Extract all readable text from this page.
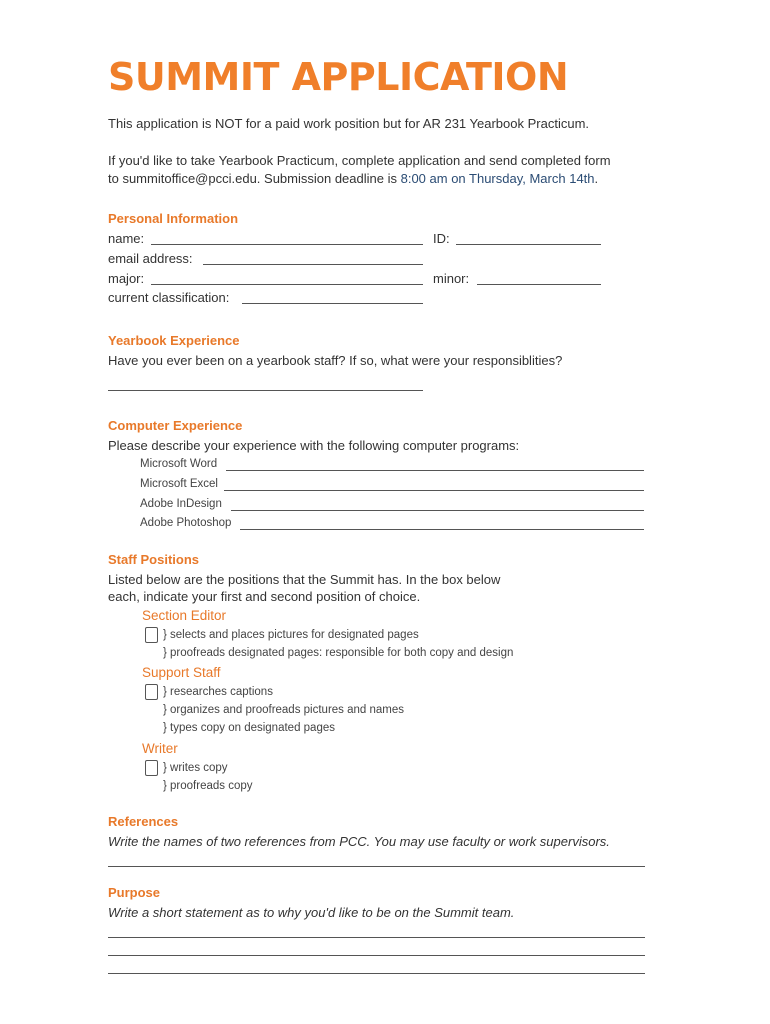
SUMMIT APPLICATION
This application is NOT for a paid work position but for AR 231 Yearbook Practicum.
If you'd like to take Yearbook Practicum, complete application and send completed form
to summitoffice@pcci.edu. Submission deadline is 8:00 am on Thursday, March 14th.
Personal Information
name:	ID:
email address:
major:	minor:
current classification:
Yearbook Experience
Have you ever been on a yearbook staff? If so, what were your responsiblities?
Computer Experience
Please describe your experience with the following computer programs:
Microsoft Word
Microsoft Excel
Adobe InDesign
Adobe Photoshop
Staff Positions
Listed below are the positions that the Summit has. In the box below
each, indicate your first and second position of choice.
Section Editor
} selects and places pictures for designated pages
} proofreads designated pages: responsible for both copy and design
Support Staff
} researches captions
} organizes and proofreads pictures and names
} types copy on designated pages
Writer
} writes copy
} proofreads copy
References
Write the names of two references from PCC. You may use faculty or work supervisors.
Purpose
Write a short statement as to why you'd like to be on the Summit team.
